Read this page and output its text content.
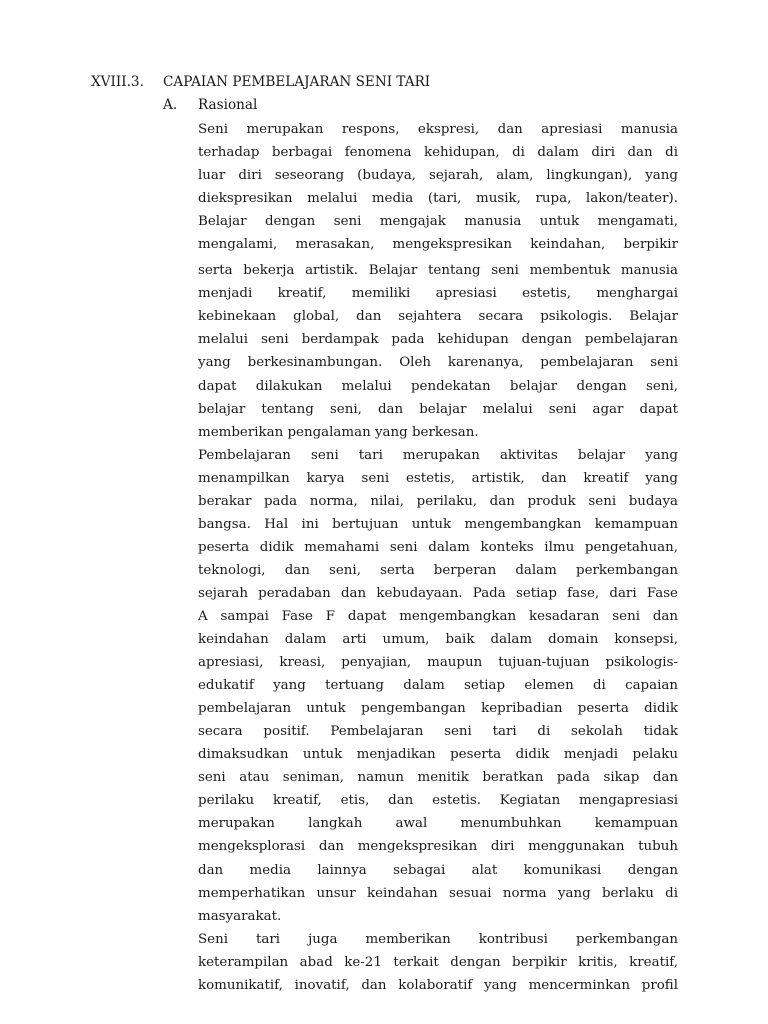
XVIII.3. CAPAIAN PEMBELAJARAN SENI TARI
A. Rasional
Seni merupakan respons, ekspresi, dan apresiasi manusia
terhadap berbagai fenomena kehidupan, di dalam diri dan di
luar diri seseorang (budaya, sejarah, alam, lingkungan), yang
diekspresikan melalui media (tari, musik, rupa, lakon/teater).
Belajar dengan seni mengajak manusia untuk mengamati,
mengalami, merasakan, mengekspresikan keindahan, berpikir
serta bekerja artistik. Belajar tentang seni membentuk manusia
menjadi kreatif, memiliki apresiasi estetis, menghargai
kebinekaan global, dan sejahtera secara psikologis. Belajar
melalui seni berdampak pada kehidupan dengan pembelajaran
yang berkesinambungan. Oleh karenanya, pembelajaran seni
dapat dilakukan melalui pendekatan belajar dengan seni,
belajar tentang seni, dan belajar melalui seni agar dapat
memberikan pengalaman yang berkesan.
Pembelajaran seni tari merupakan aktivitas belajar yang
menampilkan karya seni estetis, artistik, dan kreatif yang
berakar pada norma, nilai, perilaku, dan produk seni budaya
bangsa. Hal ini bertujuan untuk mengembangkan kemampuan
peserta didik memahami seni dalam konteks ilmu pengetahuan,
teknologi, dan seni, serta berperan dalam perkembangan
sejarah peradaban dan kebudayaan. Pada setiap fase, dari Fase
A sampai Fase F dapat mengembangkan kesadaran seni dan
keindahan dalam arti umum, baik dalam domain konsepsi,
apresiasi, kreasi, penyajian, maupun tujuan-tujuan psikologis-
edukatif yang tertuang dalam setiap elemen di capaian
pembelajaran untuk pengembangan kepribadian peserta didik
secara positif. Pembelajaran seni tari di sekolah tidak
dimaksudkan untuk menjadikan peserta didik menjadi pelaku
seni atau seniman, namun menitik beratkan pada sikap dan
perilaku kreatif, etis, dan estetis. Kegiatan mengapresiasi
merupakan langkah awal menumbuhkan kemampuan
mengeksplorasi dan mengekspresikan diri menggunakan tubuh
dan media lainnya sebagai alat komunikasi dengan
memperhatikan unsur keindahan sesuai norma yang berlaku di
masyarakat.
Seni tari juga memberikan kontribusi perkembangan
keterampilan abad ke-21 terkait dengan berpikir kritis, kreatif,
komunikatif, inovatif, dan kolaboratif yang mencerminkan profil
